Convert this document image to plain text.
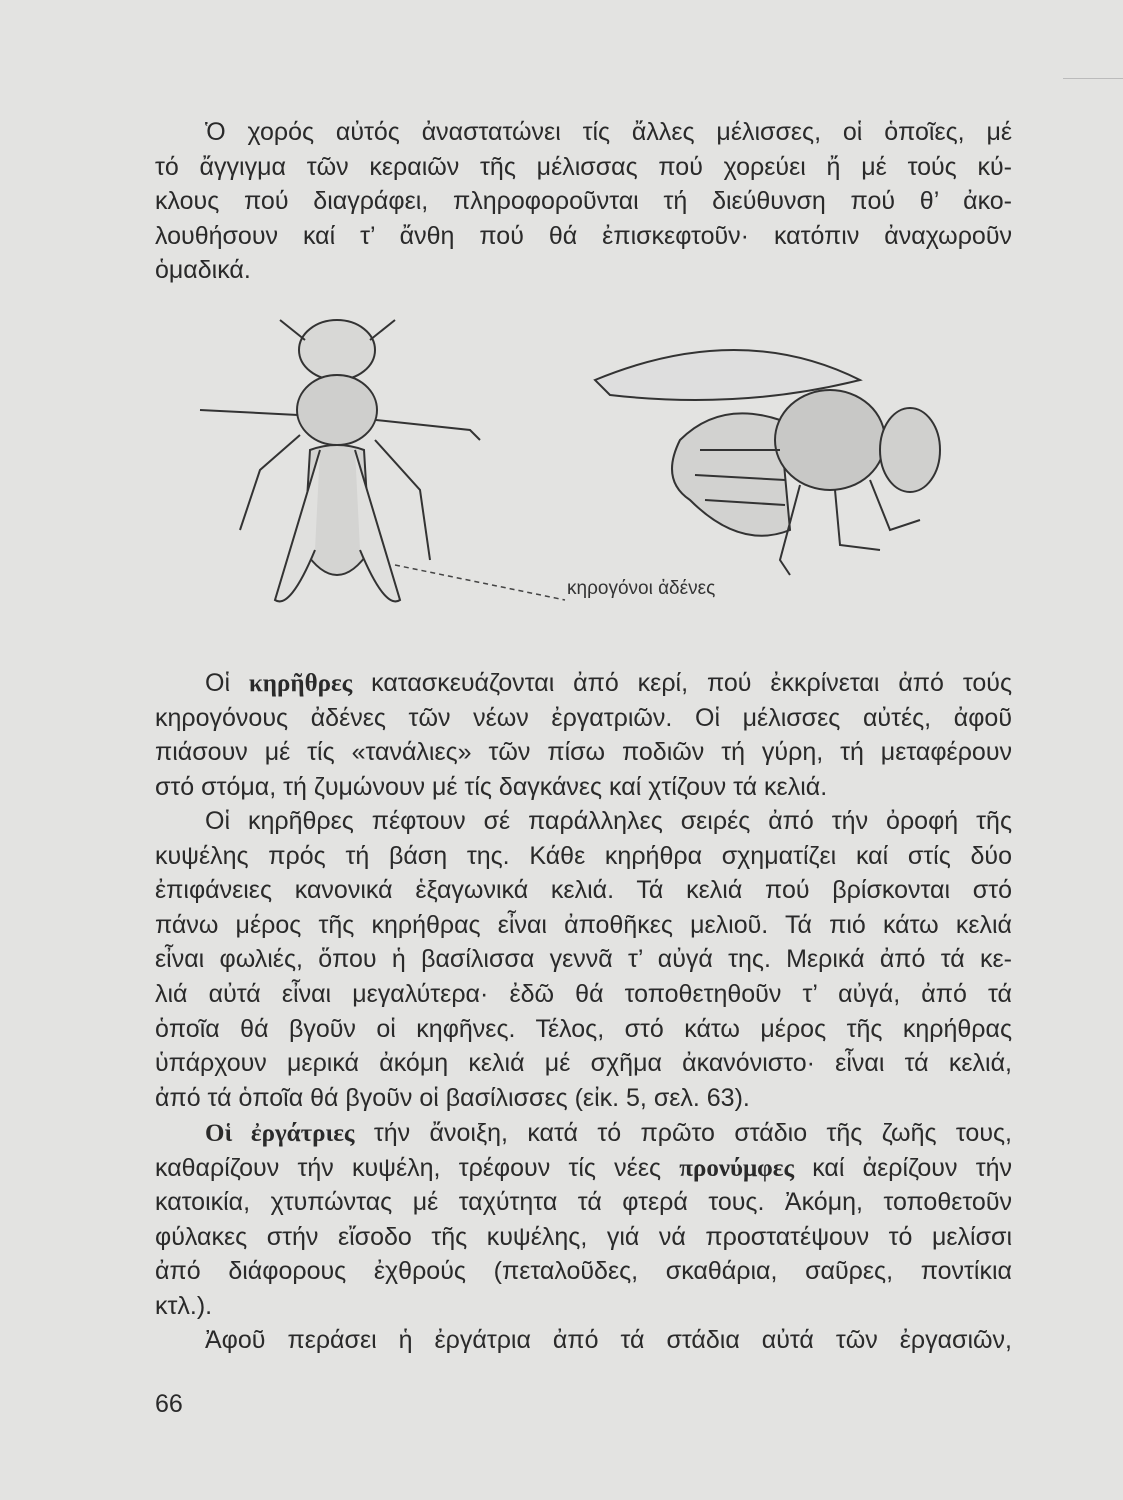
Ὁ χορός αὐτός ἀναστατώνει τίς ἄλλες μέλισσες, οἱ ὁποῖες, μέ
τό ἄγγιγμα τῶν κεραιῶν τῆς μέλισσας πού χορεύει ἤ μέ τούς κύ-
κλους πού διαγράφει, πληροφοροῦνται τή διεύθυνση πού θ’ ἀκο-
λουθήσουν καί τ’ ἄνθη πού θά ἐπισκεφτοῦν· κατόπιν ἀναχωροῦν
ὁμαδικά.
κηρογόνοι ἀδένες
Οἱ κηρῆθρες κατασκευάζονται ἀπό κερί, πού ἐκκρίνεται ἀπό τούς
κηρογόνους ἀδένες τῶν νέων ἐργατριῶν. Οἱ μέλισσες αὐτές, ἀφοῦ
πιάσουν μέ τίς «τανάλιες» τῶν πίσω ποδιῶν τή γύρη, τή μεταφέρουν
στό στόμα, τή ζυμώνουν μέ τίς δαγκάνες καί χτίζουν τά κελιά.
Οἱ κηρῆθρες πέφτουν σέ παράλληλες σειρές ἀπό τήν ὀροφή τῆς
κυψέλης πρός τή βάση της. Κάθε κηρήθρα σχηματίζει καί στίς δύο
ἐπιφάνειες κανονικά ἑξαγωνικά κελιά. Τά κελιά πού βρίσκονται στό
πάνω μέρος τῆς κηρήθρας εἶναι ἀποθῆκες μελιοῦ. Τά πιό κάτω κελιά
εἶναι φωλιές, ὅπου ἡ βασίλισσα γεννᾶ τ’ αὐγά της. Μερικά ἀπό τά κε-
λιά αὐτά εἶναι μεγαλύτερα· ἐδῶ θά τοποθετηθοῦν τ’ αὐγά, ἀπό τά
ὁποῖα θά βγοῦν οἱ κηφῆνες. Τέλος, στό κάτω μέρος τῆς κηρήθρας
ὑπάρχουν μερικά ἀκόμη κελιά μέ σχῆμα ἀκανόνιστο· εἶναι τά κελιά,
ἀπό τά ὁποῖα θά βγοῦν οἱ βασίλισσες (εἰκ. 5, σελ. 63).
Οἱ ἐργάτριες τήν ἄνοιξη, κατά τό πρῶτο στάδιο τῆς ζωῆς τους,
καθαρίζουν τήν κυψέλη, τρέφουν τίς νέες προνύμφες καί ἀερίζουν τήν
κατοικία, χτυπώντας μέ ταχύτητα τά φτερά τους. Ἀκόμη, τοποθετοῦν
φύλακες στήν εἴσοδο τῆς κυψέλης, γιά νά προστατέψουν τό μελίσσι
ἀπό διάφορους ἐχθρούς (πεταλοῦδες, σκαθάρια, σαῦρες, ποντίκια
κτλ.).
Ἀφοῦ περάσει ἡ ἐργάτρια ἀπό τά στάδια αὐτά τῶν ἐργασιῶν,
66
